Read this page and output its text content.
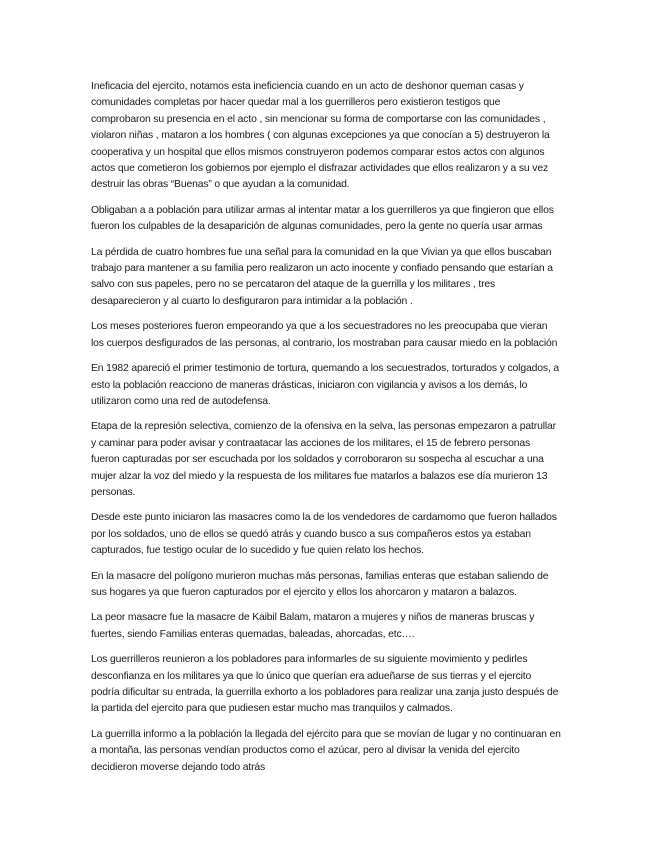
Ineficacia del ejercito, notamos esta ineficiencia cuando en un acto de deshonor queman casas y comunidades completas por hacer quedar mal a los guerrilleros pero existieron testigos que comprobaron su presencia en el acto , sin mencionar su forma de comportarse con las comunidades , violaron niñas , mataron a los hombres ( con algunas excepciones ya que conocían a 5) destruyeron la cooperativa y un hospital que ellos mismos construyeron podemos comparar estos actos con algunos actos que cometieron los gobiernos por ejemplo el disfrazar actividades que ellos realizaron y a su vez destruir las obras “Buenas” o que ayudan a la comunidad.

Obligaban a a población para utilizar armas al intentar matar a los guerrilleros ya que fingieron que ellos fueron los culpables de la desaparición de algunas comunidades, pero la gente no quería usar armas

La pérdida de cuatro hombres fue una señal para la comunidad en la que Vivian ya que ellos buscaban trabajo para mantener a su familia pero realizaron un acto inocente y confiado pensando que estarían a salvo con sus papeles, pero no se percataron del ataque de la guerrilla y los militares , tres desaparecieron y al cuarto lo desfiguraron para intimidar a la población .

Los meses posteriores fueron empeorando ya que a los secuestradores no les preocupaba que vieran los cuerpos desfigurados de las personas, al contrario, los mostraban para causar miedo en la población

En 1982 apareció el primer testimonio de tortura, quemando a los secuestrados, torturados y colgados, a esto la población reacciono de maneras drásticas, iniciaron con vigilancia y avisos a los demás, lo utilizaron como una red de autodefensa.

Etapa de la represión selectiva, comienzo de la ofensiva en la selva, las personas empezaron a patrullar y caminar para poder avisar y contraatacar las acciones de los militares, el 15 de febrero personas fueron capturadas por ser escuchada por los soldados y corroboraron su sospecha al escuchar a una mujer alzar la voz del miedo y la respuesta de los militares fue matarlos a balazos ese día murieron 13 personas.

Desde este punto iniciaron las masacres como la de los vendedores de cardamomo que fueron hallados por los soldados, uno de ellos se quedó atrás y cuando busco a sus compañeros estos ya estaban capturados, fue testigo ocular de lo sucedido y fue quien relato los hechos.

En la masacre del polígono murieron muchas más personas, familias enteras que estaban saliendo de sus hogares ya que fueron capturados por el ejercito y ellos los ahorcaron y mataron a balazos.

La peor masacre fue la masacre de Kaibil Balam, mataron a mujeres y niños de maneras bruscas y fuertes, siendo Familias enteras quemadas, baleadas, ahorcadas, etc….

Los guerrilleros reunieron a los pobladores para informarles de su siguiente movimiento y pedirles desconfianza en los militares ya que lo único que querían era adueñarse de sus tierras y el ejercito podría dificultar su entrada, la guerrilla exhorto a los pobladores para realizar una zanja justo después de la partida del ejercito para que pudiesen estar mucho mas tranquilos y calmados.

La guerrilla informo a la población la llegada del ejército para que se movían de lugar y no continuaran en a montaña, las personas vendían productos como el azúcar, pero al divisar la venida del ejercito decidieron moverse dejando todo atrás
